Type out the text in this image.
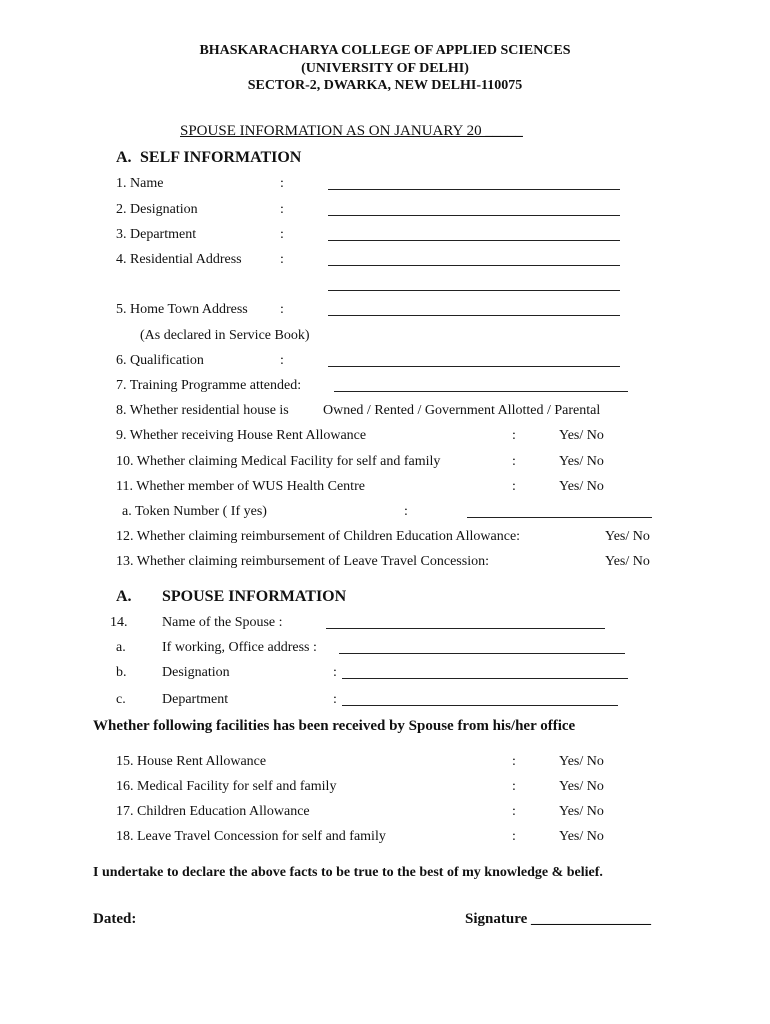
BHASKARACHARYA COLLEGE OF APPLIED SCIENCES
(UNIVERSITY OF DELHI)
SECTOR-2, DWARKA, NEW DELHI-110075
SPOUSE INFORMATION AS ON JANUARY 20 _____
A. SELF INFORMATION
1. Name	:
2. Designation	:
3. Department	:
4. Residential Address	:
5. Home Town Address :
(As declared in Service Book)
6. Qualification	:
7. Training Programme attended:
8. Whether residential house is Owned / Rented / Government Allotted / Parental
9. Whether receiving House Rent Allowance	:	Yes/ No
10. Whether claiming Medical Facility for self and family	:	Yes/ No
11. Whether member of WUS Health Centre	:	Yes/ No
a. Token Number ( If yes)	:
12. Whether claiming reimbursement of Children Education Allowance:	Yes/ No
13. Whether claiming reimbursement of Leave Travel Concession:	Yes/ No
A. SPOUSE INFORMATION
14. Name of the Spouse :
a.	If working, Office address :
b.	Designation	:
c.	Department	:
Whether following facilities has been received by Spouse from his/her office
15. House Rent Allowance	:	Yes/ No
16. Medical Facility for self and family	:	Yes/ No
17. Children Education Allowance	:	Yes/ No
18. Leave Travel Concession for self and family	:	Yes/ No
I undertake to declare the above facts to be true to the best of my knowledge & belief.
Dated:	Signature ________________
